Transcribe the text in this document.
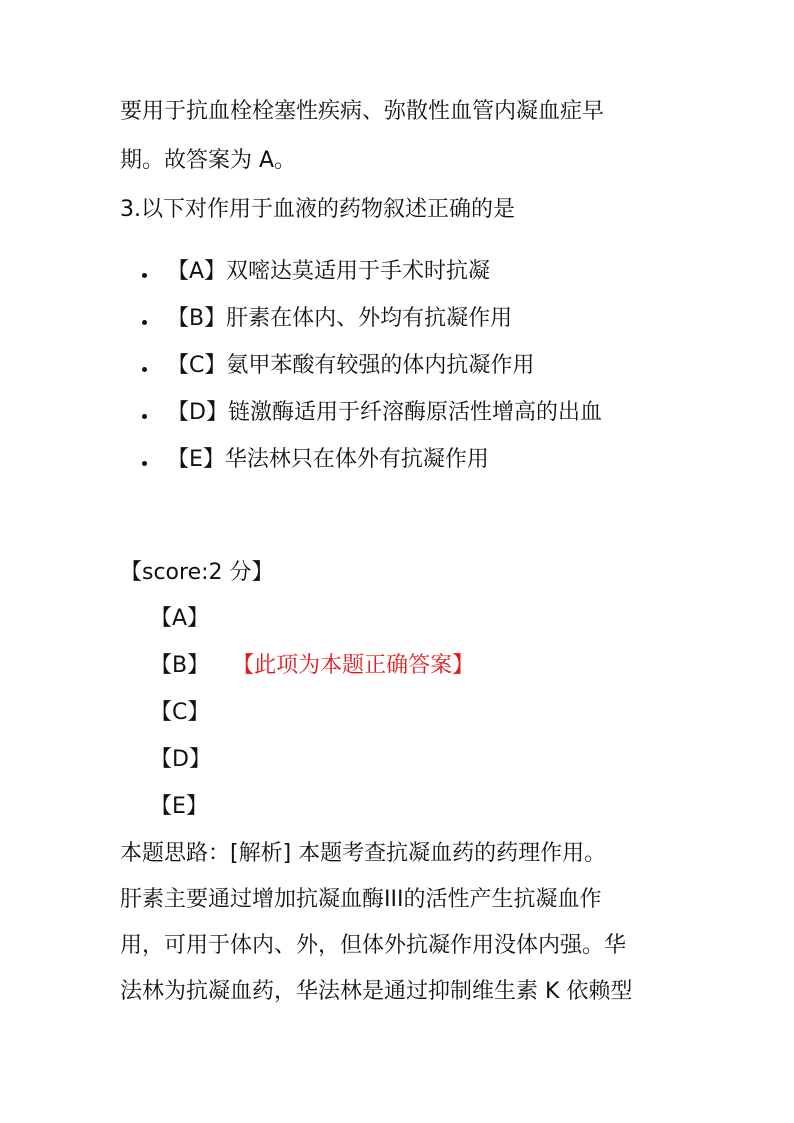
要用于抗血栓栓塞性疾病、弥散性血管内凝血症早
期。故答案为 A。
3.以下对作用于血液的药物叙述正确的是
【A】双嘧达莫适用于手术时抗凝
【B】肝素在体内、外均有抗凝作用
【C】氨甲苯酸有较强的体内抗凝作用
【D】链激酶适用于纤溶酶原活性增高的出血
【E】华法林只在体外有抗凝作用
【score:2 分】
【A】
【B】 【此项为本题正确答案】
【C】
【D】
【E】
本题思路：[解析] 本题考查抗凝血药的药理作用。
肝素主要通过增加抗凝血酶III的活性产生抗凝血作
用，可用于体内、外，但体外抗凝作用没体内强。华
法林为抗凝血药，华法林是通过抑制维生素 K 依赖型
